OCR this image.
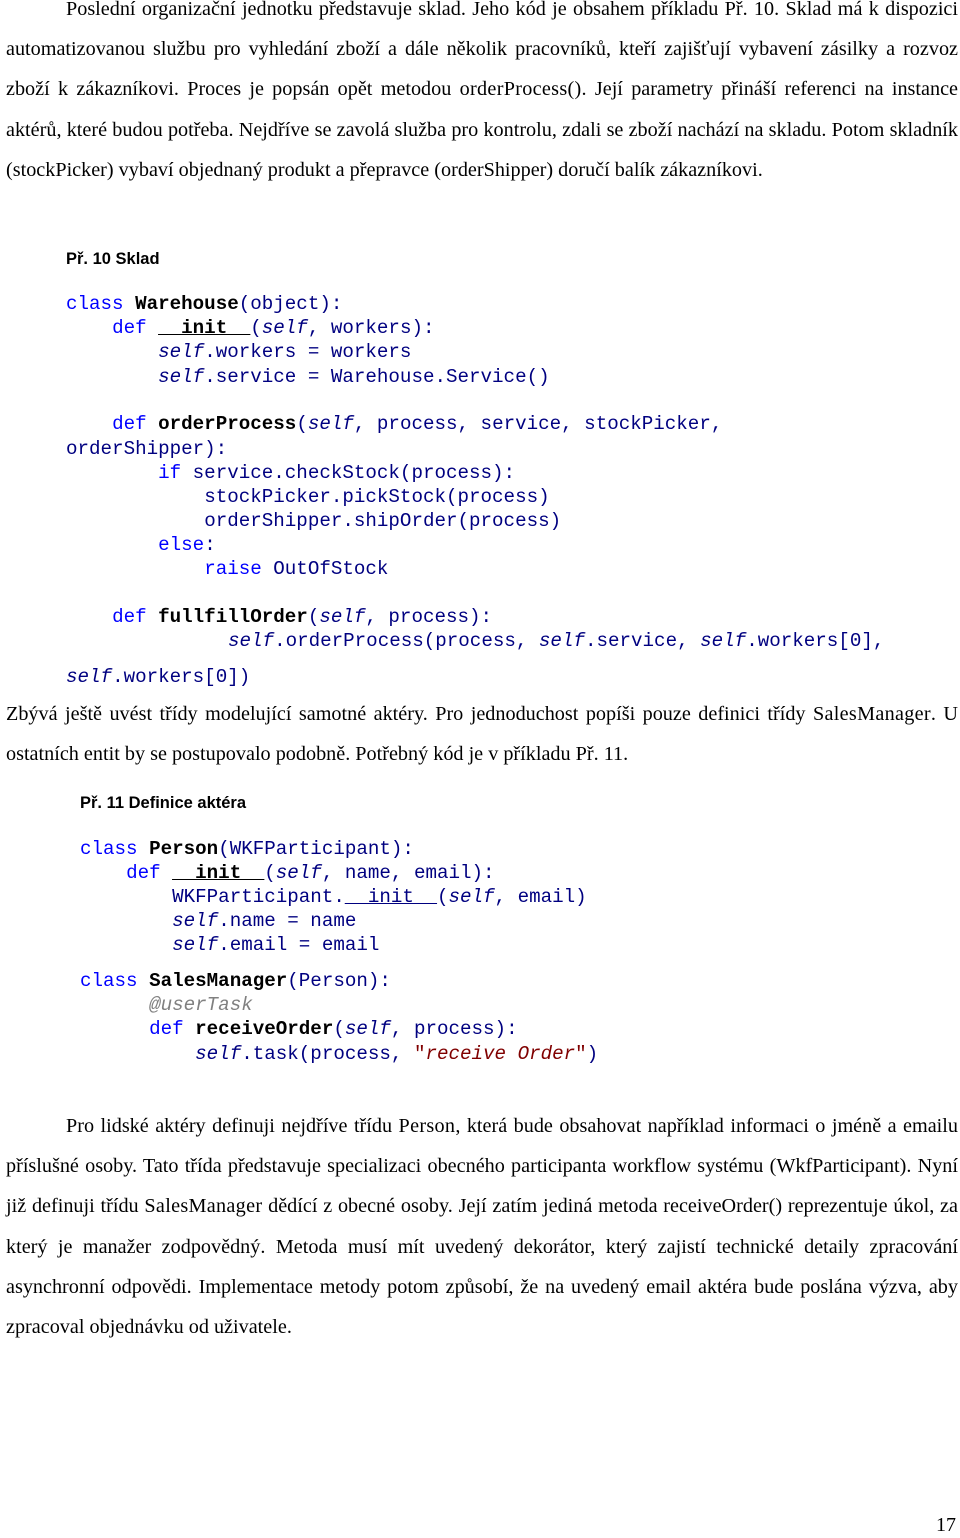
Poslední organizační jednotku představuje sklad. Jeho kód je obsahem příkladu Př. 10. Sklad má k dispozici automatizovanou službu pro vyhledání zboží a dále několik pracovníků, kteří zajišťují vybavení zásilky a rozvoz zboží k zákazníkovi. Proces je popsán opět metodou orderProcess(). Její parametry přináší referenci na instance aktérů, které budou potřeba. Nejdříve se zavolá služba pro kontrolu, zdali se zboží nachází na skladu. Potom skladník (stockPicker) vybaví objednaný produkt a přepravce (orderShipper) doručí balík zákazníkovi.

Př. 10 Sklad
class Warehouse(object):
def __init__(self, workers):
self.workers = workers
self.service = Warehouse.Service()
def orderProcess(self, process, service, stockPicker,
orderShipper):
if service.checkStock(process):
stockPicker.pickStock(process)
orderShipper.shipOrder(process)
else:
raise OutOfStock
def fullfillOrder(self, process):
self.orderProcess(process, self.service, self.workers[0],
self.workers[0])

Zbývá ještě uvést třídy modelující samotné aktéry. Pro jednoduchost popíši pouze definici třídy SalesManager. U ostatních entit by se postupovalo podobně. Potřebný kód je v příkladu Př. 11.

Př. 11 Definice aktéra
class Person(WKFParticipant):
def __init__(self, name, email):
WKFParticipant.__init__(self, email)
self.name = name
self.email = email
class SalesManager(Person):
@userTask
def receiveOrder(self, process):
self.task(process, "receive Order")

Pro lidské aktéry definuji nejdříve třídu Person, která bude obsahovat například informaci o jméně a emailu příslušné osoby. Tato třída představuje specializaci obecného participanta workflow systému (WkfParticipant). Nyní již definuji třídu SalesManager dědící z obecné osoby. Její zatím jediná metoda receiveOrder() reprezentuje úkol, za který je manažer zodpovědný. Metoda musí mít uvedený dekorátor, který zajistí technické detaily zpracování asynchronní odpovědi. Implementace metody potom způsobí, že na uvedený email aktéra bude poslána výzva, aby zpracoval objednávku od uživatele.

17
